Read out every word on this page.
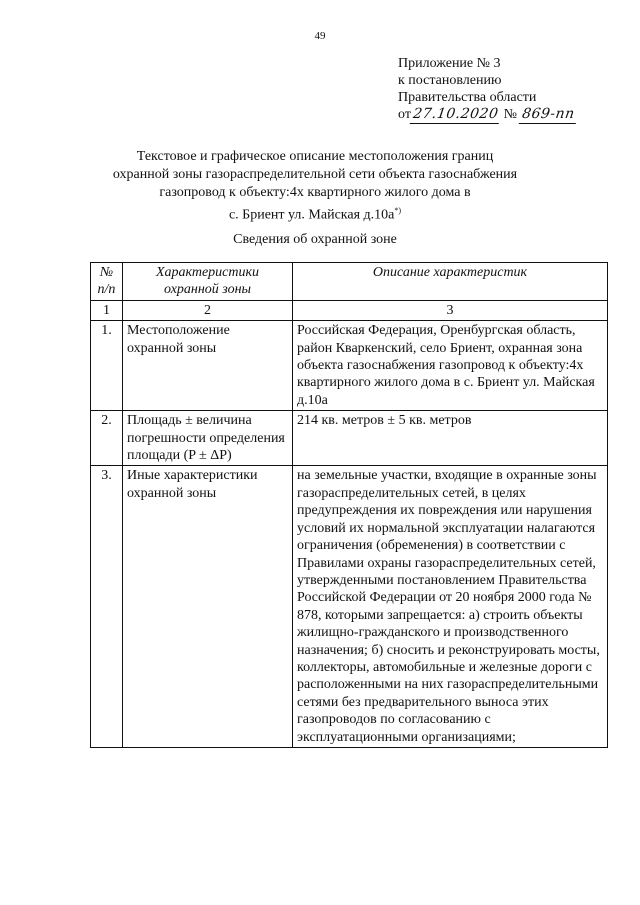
49
Приложение № 3
к постановлению
Правительства области
от27.10.2020 № 869-пп
Текстовое и графическое описание местоположения границ
охранной зоны газораспределительной сети объекта газоснабжения
газопровод к объекту:4х квартирного жилого дома в
с. Бриент ул. Майская д.10а*)
Сведения об охранной зоне
№ п/п	Характеристики охранной зоны	Описание характеристик
1	2	3
1.	Местоположение охранной зоны	Российская Федерация, Оренбургская область, район Кваркенский, село Бриент, охранная зона объекта газоснабжения газопровод к объекту:4х квартирного жилого дома в с. Бриент ул. Майская д.10а
2.	Площадь ± величина погрешности определения площади (P ± ΔP)	214 кв. метров ± 5 кв. метров
3.	Иные характеристики охранной зоны	на земельные участки, входящие в охранные зоны газораспределительных сетей, в целях предупреждения их повреждения или нарушения условий их нормальной эксплуатации налагаются ограничения (обременения) в соответствии с Правилами охраны газораспределительных сетей, утвержденными постановлением Правительства Российской Федерации от 20 ноября 2000 года № 878, которыми запрещается: а) строить объекты жилищно-гражданского и производственного назначения; б) сносить и реконструировать мосты, коллекторы, автомобильные и железные дороги с расположенными на них газораспределительными сетями без предварительного выноса этих газопроводов по согласованию с эксплуатационными организациями;
